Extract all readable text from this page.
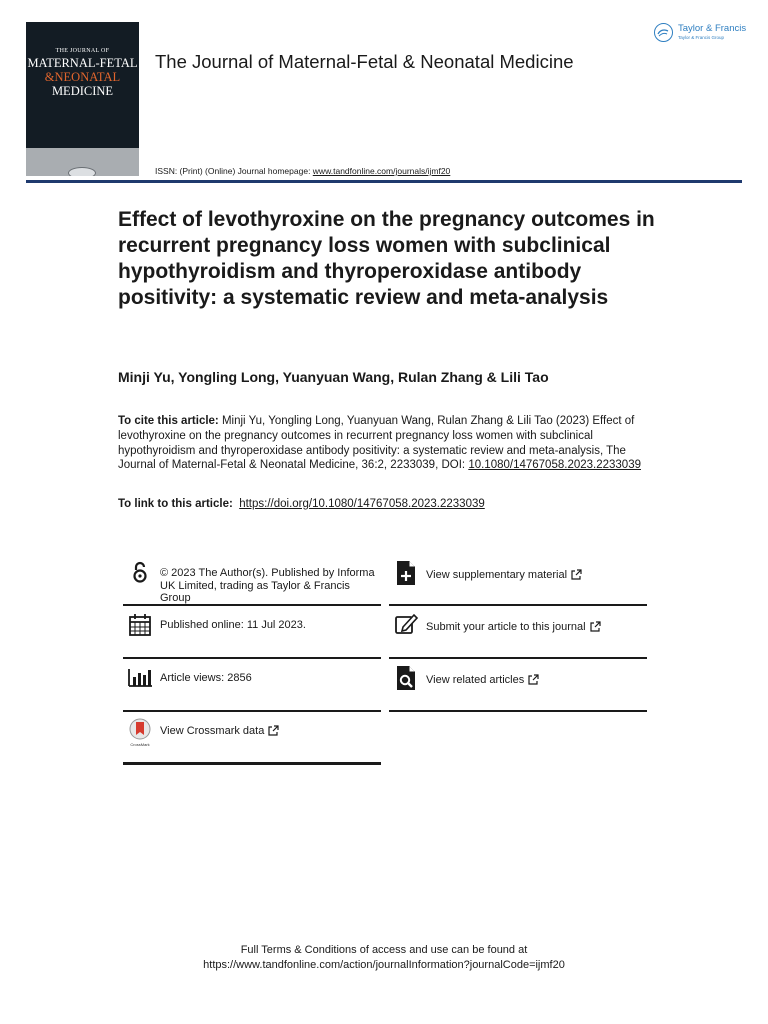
THE JOURNAL OF
MATERNAL-FETAL
&NEONATAL
MEDICINE
The Journal of Maternal-Fetal & Neonatal Medicine
Taylor & Francis
Taylor & Francis Group
ISSN: (Print) (Online) Journal homepage: www.tandfonline.com/journals/ijmf20
Effect of levothyroxine on the pregnancy outcomes in recurrent pregnancy loss women with subclinical hypothyroidism and thyroperoxidase antibody positivity: a systematic review and meta-analysis
Minji Yu, Yongling Long, Yuanyuan Wang, Rulan Zhang & Lili Tao

To cite this article: Minji Yu, Yongling Long, Yuanyuan Wang, Rulan Zhang & Lili Tao (2023) Effect of levothyroxine on the pregnancy outcomes in recurrent pregnancy loss women with subclinical hypothyroidism and thyroperoxidase antibody positivity: a systematic review and meta-analysis, The Journal of Maternal-Fetal & Neonatal Medicine, 36:2, 2233039, DOI: 10.1080/14767058.2023.2233039

To link to this article: https://doi.org/10.1080/14767058.2023.2233039
© 2023 The Author(s). Published by Informa UK Limited, trading as Taylor & Francis Group
Published online: 11 Jul 2023.
Article views: 2856
CrossMark
View Crossmark data
View supplementary material
Submit your article to this journal
View related articles
Full Terms & Conditions of access and use can be found at
https://www.tandfonline.com/action/journalInformation?journalCode=ijmf20
